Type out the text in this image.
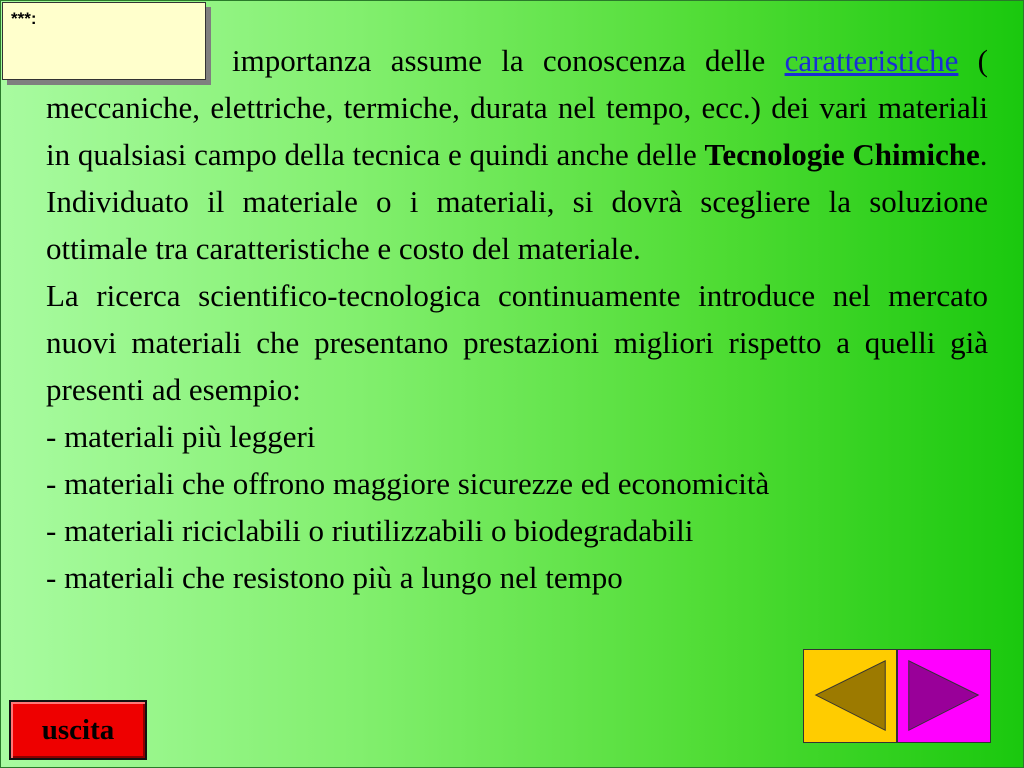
***:

importanza assume la conoscenza delle caratteristiche ( meccaniche, elettriche, termiche, durata nel tempo, ecc.) dei vari materiali in qualsiasi campo della tecnica e quindi anche delle Tecnologie Chimiche.

Individuato il materiale o i materiali, si dovrà scegliere la soluzione ottimale tra caratteristiche e costo del materiale.

La ricerca scientifico-tecnologica continuamente introduce nel mercato nuovi materiali che presentano prestazioni migliori rispetto a quelli già presenti ad esempio:

- materiali più leggeri

- materiali che offrono maggiore sicurezze ed economicità

- materiali riciclabili o riutilizzabili o biodegradabili

- materiali che resistono più a lungo nel tempo

uscita
